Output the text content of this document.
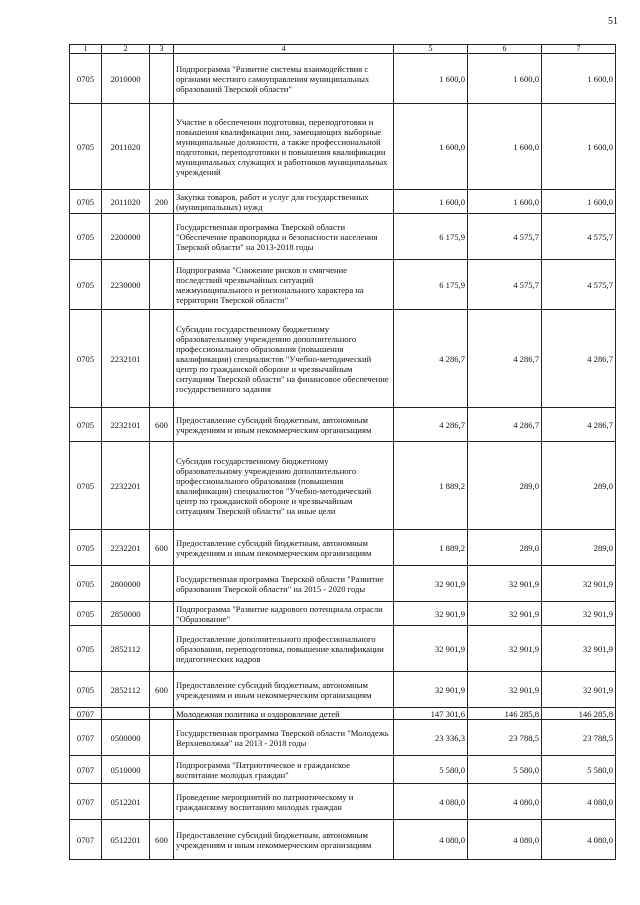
51
1	2	3	4	5	6	7
0705	2010000		Подпрограмма "Развитие системы взаимодействия с органами местного самоуправления муниципальных образований Тверской области"	1 600,0	1 600,0	1 600,0
0705	2011020		Участие в обеспечении подготовки, переподготовки и повышения квалификации лиц, замещающих выборные муниципальные должности, а также профессиональной подготовки, переподготовки и повышения квалификации муниципальных служащих и работников муниципальных учреждений	1 600,0	1 600,0	1 600,0
0705	2011020	200	Закупка товаров, работ и услуг для государственных (муниципальных) нужд	1 600,0	1 600,0	1 600,0
0705	2200000		Государственная программа Тверской области "Обеспечение правопорядка и безопасности населения Тверской области" на 2013-2018 годы	6 175,9	4 575,7	4 575,7
0705	2230000		Подпрограмма "Снижение рисков и смягчение последствий чрезвычайных ситуаций межмуниципального и регионального характера на территории Тверской области"	6 175,9	4 575,7	4 575,7
0705	2232101		Субсидии государственному бюджетному образовательному учреждению дополнительного профессионального образования (повышения квалификации) специалистов "Учебно-методический центр по гражданской обороне и чрезвычайным ситуациям Тверской области" на финансовое обеспечение государственного задания	4 286,7	4 286,7	4 286,7
0705	2232101	600	Предоставление субсидий бюджетным, автономным учреждениям и иным некоммерческим организациям	4 286,7	4 286,7	4 286,7
0705	2232201		Субсидия государственному бюджетному образовательному учреждению дополнительного профессионального образования (повышения квалификации) специалистов "Учебно-методический центр по гражданской обороне и чрезвычайным ситуациям Тверской области" на иные цели	1 889,2	289,0	289,0
0705	2232201	600	Предоставление субсидий бюджетным, автономным учреждениям и иным некоммерческим организациям	1 889,2	289,0	289,0
0705	2800000		Государственная программа Тверской области "Развитие образования Тверской области" на 2015 - 2020 годы	32 901,9	32 901,9	32 901,9
0705	2850000		Подпрограмма "Развитие кадрового потенциала отрасли "Образование"	32 901,9	32 901,9	32 901,9
0705	2852112		Предоставление дополнительного профессионального образования, переподготовка, повышение квалификации педагогических кадров	32 901,9	32 901,9	32 901,9
0705	2852112	600	Предоставление субсидий бюджетным, автономным учреждениям и иным некоммерческим организациям	32 901,9	32 901,9	32 901,9
0707			Молодежная политика и оздоровление детей	147 301,6	146 285,8	146 285,8
0707	0500000		Государственная программа Тверской области "Молодежь Верхневолжья" на 2013 - 2018 годы	23 336,3	23 788,5	23 788,5
0707	0510000		Подпрограмма "Патриотическое и гражданское воспитание молодых граждан"	5 580,0	5 580,0	5 580,0
0707	0512201		Проведение мероприятий по патриотическому и гражданскому воспитанию молодых граждан	4 080,0	4 080,0	4 080,0
0707	0512201	600	Предоставление субсидий бюджетным, автономным учреждениям и иным некоммерческим организациям	4 080,0	4 080,0	4 080,0
